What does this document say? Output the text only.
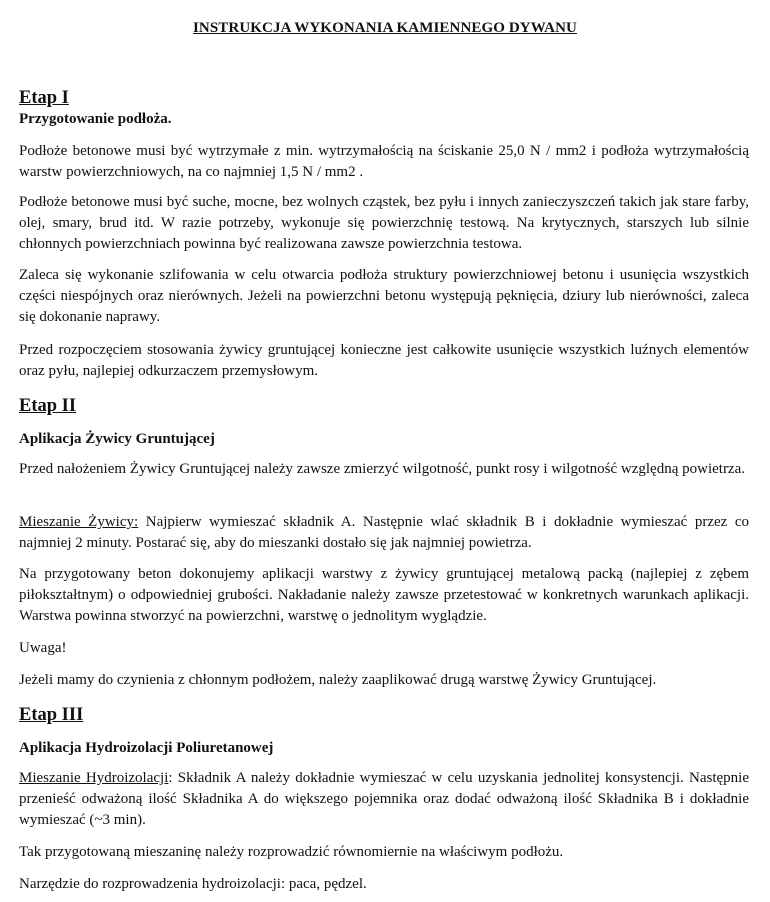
INSTRUKCJA WYKONANIA KAMIENNEGO DYWANU
Etap I
Przygotowanie podłoża.

Podłoże betonowe musi być wytrzymałe z min. wytrzymałością na ściskanie 25,0 N / mm2 i podłoża wytrzymałością warstw powierzchniowych, na co najmniej 1,5 N / mm2 .

Podłoże betonowe musi być suche, mocne, bez wolnych cząstek, bez pyłu i innych zanieczyszczeń takich jak stare farby, olej, smary, brud itd. W razie potrzeby, wykonuje się powierzchnię testową. Na krytycznych, starszych lub silnie chłonnych powierzchniach powinna być realizowana zawsze powierzchnia testowa.

Zaleca się wykonanie szlifowania w celu otwarcia podłoża struktury powierzchniowej betonu i usunięcia wszystkich części niespójnych oraz nierównych. Jeżeli na powierzchni betonu występują pęknięcia, dziury lub nierówności, zaleca się dokonanie naprawy.

Przed rozpoczęciem stosowania żywicy gruntującej konieczne jest całkowite usunięcie wszystkich luźnych elementów oraz pyłu, najlepiej odkurzaczem przemysłowym.

Etap II
Aplikacja Żywicy Gruntującej

Przed nałożeniem Żywicy Gruntującej należy zawsze zmierzyć wilgotność, punkt rosy i wilgotność względną powietrza.

Mieszanie Żywicy: Najpierw wymieszać składnik A. Następnie wlać składnik B i dokładnie wymieszać przez co najmniej 2 minuty. Postarać się, aby do mieszanki dostało się jak najmniej powietrza.

Na przygotowany beton dokonujemy aplikacji warstwy z żywicy gruntującej metalową packą (najlepiej z zębem piłokształtnym) o odpowiedniej grubości. Nakładanie należy zawsze przetestować w konkretnych warunkach aplikacji. Warstwa powinna stworzyć na powierzchni, warstwę o jednolitym wyglądzie.

Uwaga!

Jeżeli mamy do czynienia z chłonnym podłożem, należy zaaplikować drugą warstwę Żywicy Gruntującej.

Etap III
Aplikacja Hydroizolacji Poliuretanowej

Mieszanie Hydroizolacji: Składnik A należy dokładnie wymieszać w celu uzyskania jednolitej konsystencji. Następnie przenieść odważoną ilość Składnika A do większego pojemnika oraz dodać odważoną ilość Składnika B i dokładnie wymieszać (~3 min).

Tak przygotowaną mieszaninę należy rozprowadzić równomiernie na właściwym podłożu.

Narzędzie do rozprowadzenia hydroizolacji: paca, pędzel.
